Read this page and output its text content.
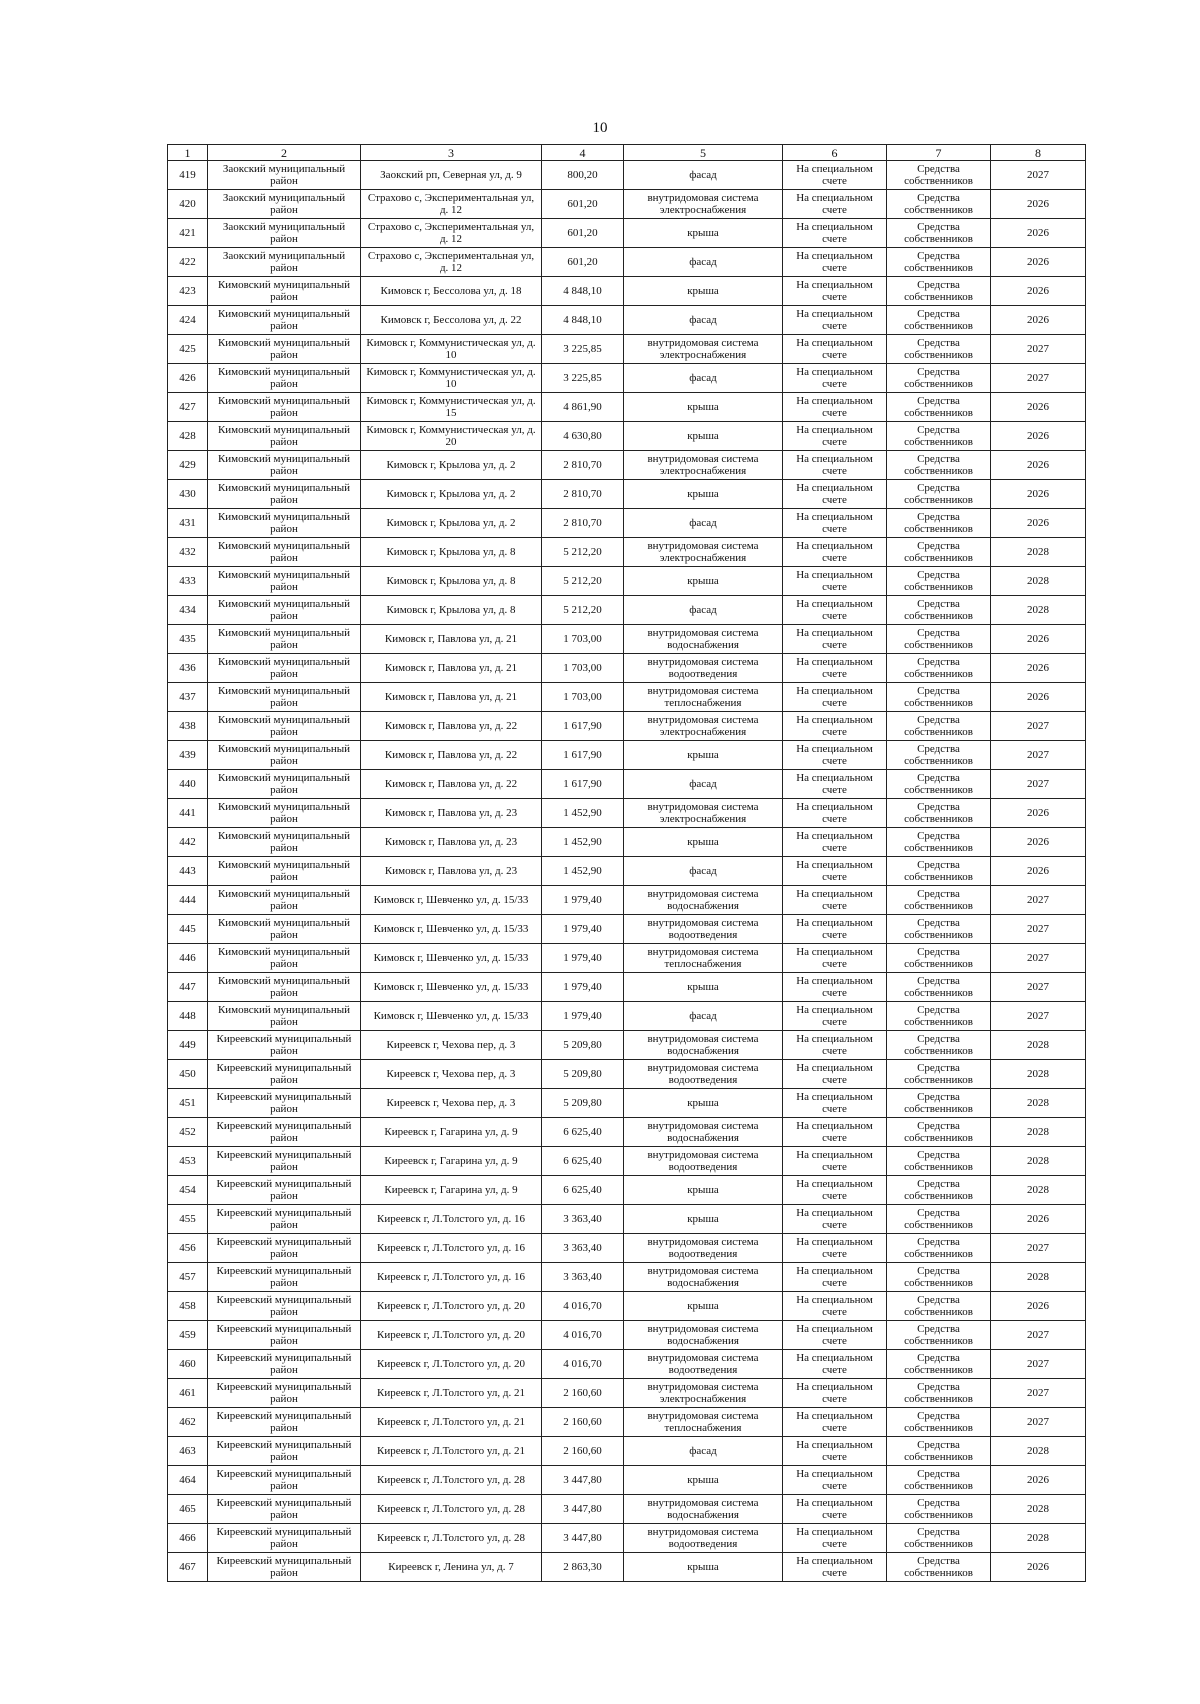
10
1	2	3	4	5	6	7	8
419	Заокский муниципальный район	Заокский рп, Северная ул, д. 9	800,20	фасад	На специальном счете	Средства собственников	2027
420	Заокский муниципальный район	Страхово с, Экспериментальная ул, д. 12	601,20	внутридомовая система электроснабжения	На специальном счете	Средства собственников	2026
421	Заокский муниципальный район	Страхово с, Экспериментальная ул, д. 12	601,20	крыша	На специальном счете	Средства собственников	2026
422	Заокский муниципальный район	Страхово с, Экспериментальная ул, д. 12	601,20	фасад	На специальном счете	Средства собственников	2026
423	Кимовский муниципальный район	Кимовск г, Бессолова ул, д. 18	4 848,10	крыша	На специальном счете	Средства собственников	2026
424	Кимовский муниципальный район	Кимовск г, Бессолова ул, д. 22	4 848,10	фасад	На специальном счете	Средства собственников	2026
425	Кимовский муниципальный район	Кимовск г, Коммунистическая ул, д. 10	3 225,85	внутридомовая система электроснабжения	На специальном счете	Средства собственников	2027
426	Кимовский муниципальный район	Кимовск г, Коммунистическая ул, д. 10	3 225,85	фасад	На специальном счете	Средства собственников	2027
427	Кимовский муниципальный район	Кимовск г, Коммунистическая ул, д. 15	4 861,90	крыша	На специальном счете	Средства собственников	2026
428	Кимовский муниципальный район	Кимовск г, Коммунистическая ул, д. 20	4 630,80	крыша	На специальном счете	Средства собственников	2026
429	Кимовский муниципальный район	Кимовск г, Крылова ул, д. 2	2 810,70	внутридомовая система электроснабжения	На специальном счете	Средства собственников	2026
430	Кимовский муниципальный район	Кимовск г, Крылова ул, д. 2	2 810,70	крыша	На специальном счете	Средства собственников	2026
431	Кимовский муниципальный район	Кимовск г, Крылова ул, д. 2	2 810,70	фасад	На специальном счете	Средства собственников	2026
432	Кимовский муниципальный район	Кимовск г, Крылова ул, д. 8	5 212,20	внутридомовая система электроснабжения	На специальном счете	Средства собственников	2028
433	Кимовский муниципальный район	Кимовск г, Крылова ул, д. 8	5 212,20	крыша	На специальном счете	Средства собственников	2028
434	Кимовский муниципальный район	Кимовск г, Крылова ул, д. 8	5 212,20	фасад	На специальном счете	Средства собственников	2028
435	Кимовский муниципальный район	Кимовск г, Павлова ул, д. 21	1 703,00	внутридомовая система водоснабжения	На специальном счете	Средства собственников	2026
436	Кимовский муниципальный район	Кимовск г, Павлова ул, д. 21	1 703,00	внутридомовая система водоотведения	На специальном счете	Средства собственников	2026
437	Кимовский муниципальный район	Кимовск г, Павлова ул, д. 21	1 703,00	внутридомовая система теплоснабжения	На специальном счете	Средства собственников	2026
438	Кимовский муниципальный район	Кимовск г, Павлова ул, д. 22	1 617,90	внутридомовая система электроснабжения	На специальном счете	Средства собственников	2027
439	Кимовский муниципальный район	Кимовск г, Павлова ул, д. 22	1 617,90	крыша	На специальном счете	Средства собственников	2027
440	Кимовский муниципальный район	Кимовск г, Павлова ул, д. 22	1 617,90	фасад	На специальном счете	Средства собственников	2027
441	Кимовский муниципальный район	Кимовск г, Павлова ул, д. 23	1 452,90	внутридомовая система электроснабжения	На специальном счете	Средства собственников	2026
442	Кимовский муниципальный район	Кимовск г, Павлова ул, д. 23	1 452,90	крыша	На специальном счете	Средства собственников	2026
443	Кимовский муниципальный район	Кимовск г, Павлова ул, д. 23	1 452,90	фасад	На специальном счете	Средства собственников	2026
444	Кимовский муниципальный район	Кимовск г, Шевченко ул, д. 15/33	1 979,40	внутридомовая система водоснабжения	На специальном счете	Средства собственников	2027
445	Кимовский муниципальный район	Кимовск г, Шевченко ул, д. 15/33	1 979,40	внутридомовая система водоотведения	На специальном счете	Средства собственников	2027
446	Кимовский муниципальный район	Кимовск г, Шевченко ул, д. 15/33	1 979,40	внутридомовая система теплоснабжения	На специальном счете	Средства собственников	2027
447	Кимовский муниципальный район	Кимовск г, Шевченко ул, д. 15/33	1 979,40	крыша	На специальном счете	Средства собственников	2027
448	Кимовский муниципальный район	Кимовск г, Шевченко ул, д. 15/33	1 979,40	фасад	На специальном счете	Средства собственников	2027
449	Киреевский муниципальный район	Киреевск г, Чехова пер, д. 3	5 209,80	внутридомовая система водоснабжения	На специальном счете	Средства собственников	2028
450	Киреевский муниципальный район	Киреевск г, Чехова пер, д. 3	5 209,80	внутридомовая система водоотведения	На специальном счете	Средства собственников	2028
451	Киреевский муниципальный район	Киреевск г, Чехова пер, д. 3	5 209,80	крыша	На специальном счете	Средства собственников	2028
452	Киреевский муниципальный район	Киреевск г, Гагарина ул, д. 9	6 625,40	внутридомовая система водоснабжения	На специальном счете	Средства собственников	2028
453	Киреевский муниципальный район	Киреевск г, Гагарина ул, д. 9	6 625,40	внутридомовая система водоотведения	На специальном счете	Средства собственников	2028
454	Киреевский муниципальный район	Киреевск г, Гагарина ул, д. 9	6 625,40	крыша	На специальном счете	Средства собственников	2028
455	Киреевский муниципальный район	Киреевск г, Л.Толстого ул, д. 16	3 363,40	крыша	На специальном счете	Средства собственников	2026
456	Киреевский муниципальный район	Киреевск г, Л.Толстого ул, д. 16	3 363,40	внутридомовая система водоотведения	На специальном счете	Средства собственников	2027
457	Киреевский муниципальный район	Киреевск г, Л.Толстого ул, д. 16	3 363,40	внутридомовая система водоснабжения	На специальном счете	Средства собственников	2028
458	Киреевский муниципальный район	Киреевск г, Л.Толстого ул, д. 20	4 016,70	крыша	На специальном счете	Средства собственников	2026
459	Киреевский муниципальный район	Киреевск г, Л.Толстого ул, д. 20	4 016,70	внутридомовая система водоснабжения	На специальном счете	Средства собственников	2027
460	Киреевский муниципальный район	Киреевск г, Л.Толстого ул, д. 20	4 016,70	внутридомовая система водоотведения	На специальном счете	Средства собственников	2027
461	Киреевский муниципальный район	Киреевск г, Л.Толстого ул, д. 21	2 160,60	внутридомовая система электроснабжения	На специальном счете	Средства собственников	2027
462	Киреевский муниципальный район	Киреевск г, Л.Толстого ул, д. 21	2 160,60	внутридомовая система теплоснабжения	На специальном счете	Средства собственников	2027
463	Киреевский муниципальный район	Киреевск г, Л.Толстого ул, д. 21	2 160,60	фасад	На специальном счете	Средства собственников	2028
464	Киреевский муниципальный район	Киреевск г, Л.Толстого ул, д. 28	3 447,80	крыша	На специальном счете	Средства собственников	2026
465	Киреевский муниципальный район	Киреевск г, Л.Толстого ул, д. 28	3 447,80	внутридомовая система водоснабжения	На специальном счете	Средства собственников	2028
466	Киреевский муниципальный район	Киреевск г, Л.Толстого ул, д. 28	3 447,80	внутридомовая система водоотведения	На специальном счете	Средства собственников	2028
467	Киреевский муниципальный район	Киреевск г, Ленина ул, д. 7	2 863,30	крыша	На специальном счете	Средства собственников	2026
